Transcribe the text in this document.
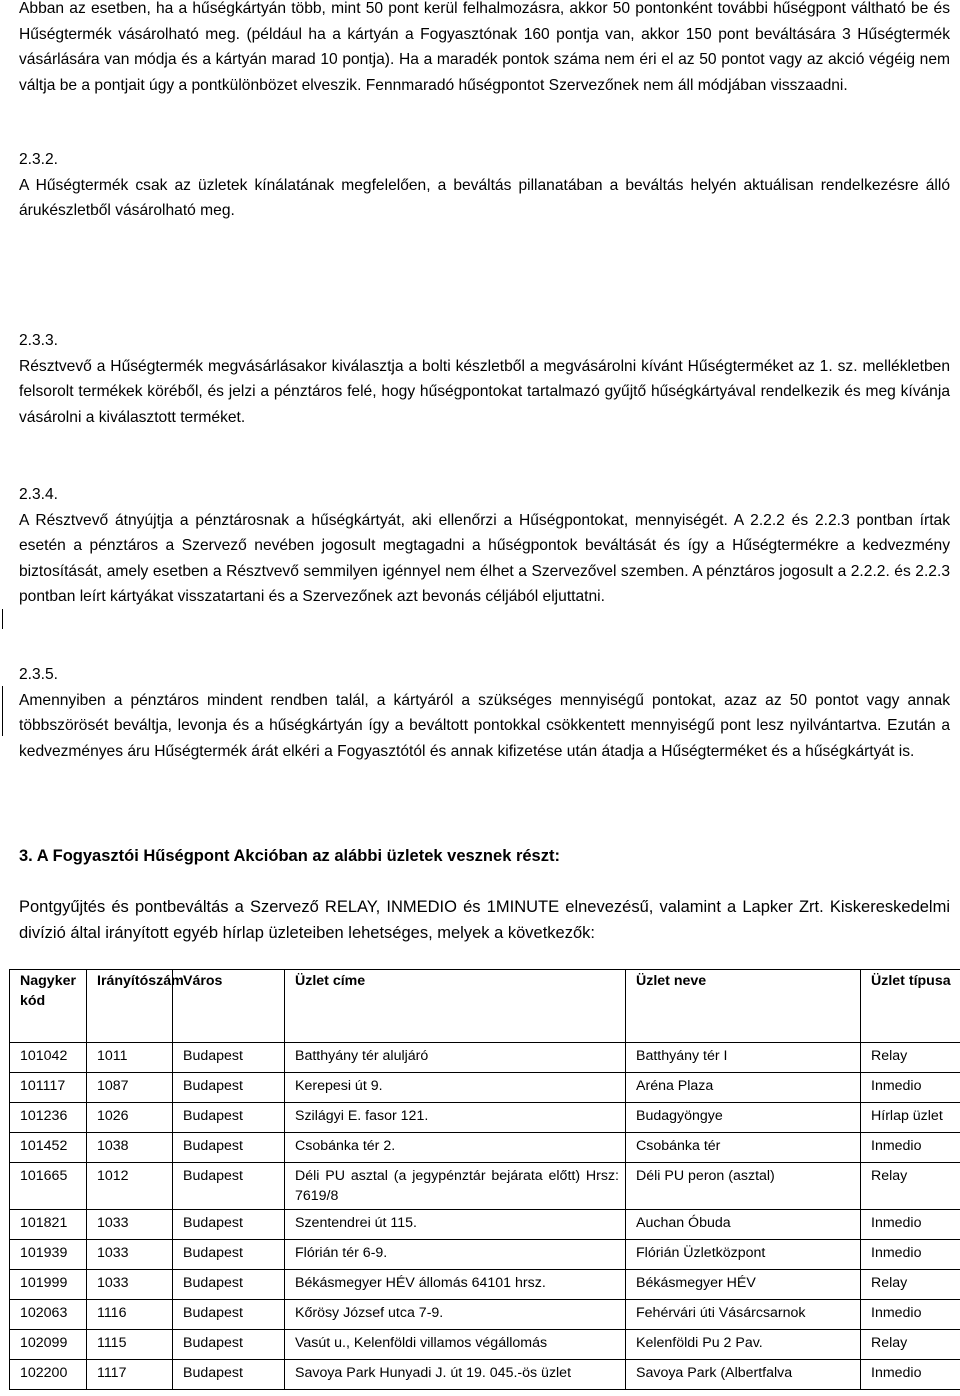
Abban az esetben, ha a hűségkártyán több, mint 50 pont kerül felhalmozásra, akkor 50 pontonként további hűségpont váltható be és Hűségtermék vásárolható meg. (például ha a kártyán a Fogyasztónak 160 pontja van, akkor 150 pont beváltására 3 Hűségtermék vásárlására van módja és a kártyán marad 10 pontja). Ha a maradék pontok száma nem éri el az 50 pontot vagy az akció végéig nem váltja be a pontjait úgy a pontkülönbözet elveszik. Fennmaradó hűségpontot Szervezőnek nem áll módjában visszaadni.

2.3.2.

A Hűségtermék csak az üzletek kínálatának megfelelően, a beváltás pillanatában a beváltás helyén aktuálisan rendelkezésre álló árukészletből vásárolható meg.

2.3.3.

Résztvevő a Hűségtermék megvásárlásakor kiválasztja a bolti készletből a megvásárolni kívánt Hűségterméket az 1. sz. mellékletben felsorolt termékek köréből, és jelzi a pénztáros felé, hogy hűségpontokat tartalmazó gyűjtő hűségkártyával rendelkezik és meg kívánja vásárolni a kiválasztott terméket.

2.3.4.

A Résztvevő átnyújtja a pénztárosnak a hűségkártyát, aki ellenőrzi a Hűségpontokat, mennyiségét. A 2.2.2 és 2.2.3 pontban írtak esetén a pénztáros a Szervező nevében jogosult megtagadni a hűségpontok beváltását és így a Hűségtermékre a kedvezmény biztosítását, amely esetben a Résztvevő semmilyen igénnyel nem élhet a Szervezővel szemben. A pénztáros jogosult a 2.2.2. és 2.2.3 pontban leírt kártyákat visszatartani és a Szervezőnek azt bevonás céljából eljuttatni.

2.3.5.

Amennyiben a pénztáros mindent rendben talál, a kártyáról a szükséges mennyiségű pontokat, azaz az 50 pontot vagy annak többszörösét beváltja, levonja és a hűségkártyán így a beváltott pontokkal csökkentett mennyiségű pont lesz nyilvántartva. Ezután a kedvezményes áru Hűségtermék árát elkéri a Fogyasztótól és annak kifizetése után átadja a Hűségterméket és a hűségkártyát is.

3. A Fogyasztói Hűségpont Akcióban az alábbi üzletek vesznek részt:

Pontgyűjtés és pontbeváltás a Szervező RELAY, INMEDIO és 1MINUTE elnevezésű, valamint a Lapker Zrt. Kiskereskedelmi divízió által irányított egyéb hírlap üzleteiben lehetséges, melyek a következők:

Nagyker kód	Irányítószám	Város	Üzlet címe	Üzlet neve	Üzlet típusa
101042	1011	Budapest	Batthyány tér aluljáró	Batthyány tér I	Relay
101117	1087	Budapest	Kerepesi út 9.	Aréna Plaza	Inmedio
101236	1026	Budapest	Szilágyi E. fasor 121.	Budagyöngye	Hírlap üzlet
101452	1038	Budapest	Csobánka tér 2.	Csobánka tér	Inmedio
101665	1012	Budapest	Déli PU asztal (a jegypénztár bejárata előtt) Hrsz: 7619/8	Déli PU peron (asztal)	Relay
101821	1033	Budapest	Szentendrei út 115.	Auchan Óbuda	Inmedio
101939	1033	Budapest	Flórián tér 6-9.	Flórián Üzletközpont	Inmedio
101999	1033	Budapest	Békásmegyer HÉV állomás 64101 hrsz.	Békásmegyer HÉV	Relay
102063	1116	Budapest	Kőrösy József utca 7-9.	Fehérvári úti Vásárcsarnok	Inmedio
102099	1115	Budapest	Vasút u., Kelenföldi villamos végállomás	Kelenföldi Pu 2 Pav.	Relay
102200	1117	Budapest	Savoya Park Hunyadi J. út 19. 045.-ös üzlet	Savoya Park (Albertfalva	Inmedio
